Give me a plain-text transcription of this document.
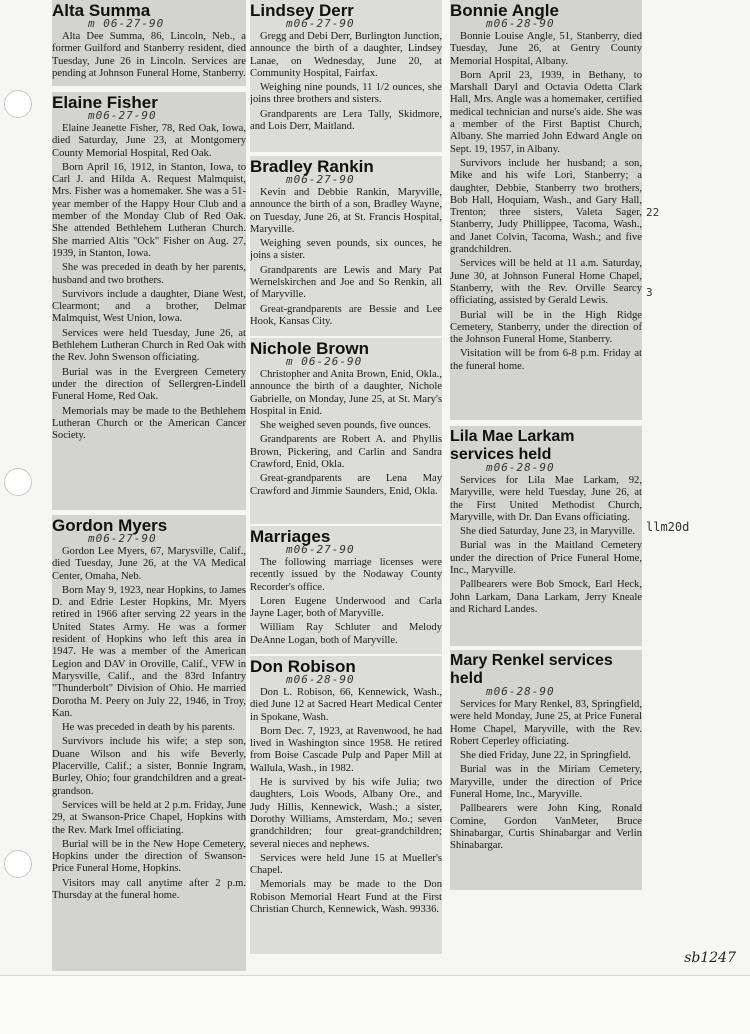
Alta Summa
m 06-27-90

Alta Dee Summa, 86, Lincoln, Neb., a former Guilford and Stanberry resident, died Tuesday, June 26 in Lincoln. Services are pending at Johnson Funeral Home, Stanberry.

Elaine Fisher
m06-27-90

Elaine Jeanette Fisher, 78, Red Oak, Iowa, died Saturday, June 23, at Montgomery County Memorial Hospital, Red Oak.

Born April 16, 1912, in Stanton, Iowa, to Carl J. and Hilda A. Request Malmquist, Mrs. Fisher was a homemaker. She was a 51-year member of the Happy Hour Club and a member of the Monday Club of Red Oak. She attended Bethlehem Lutheran Church. She married Altis "Ock" Fisher on Aug. 27, 1939, in Stanton, Iowa.

She was preceded in death by her parents, husband and two brothers.

Survivors include a daughter, Diane West, Clearmont; and a brother, Delmar Malmquist, West Union, Iowa.

Services were held Tuesday, June 26, at Bethlehem Lutheran Church in Red Oak with the Rev. John Swenson officiating.

Burial was in the Evergreen Cemetery under the direction of Sellergren-Lindell Funeral Home, Red Oak.

Memorials may be made to the Bethlehem Lutheran Church or the American Cancer Society.

Gordon Myers
m06-27-90

Gordon Lee Myers, 67, Marysville, Calif., died Tuesday, June 26, at the VA Medical Center, Omaha, Neb.

Born May 9, 1923, near Hopkins, to James D. and Edrie Lester Hopkins, Mr. Myers retired in 1966 after serving 22 years in the United States Army. He was a former resident of Hopkins who left this area in 1947. He was a member of the American Legion and DAV in Oroville, Calif., VFW in Marysville, Calif., and the 83rd Infantry "Thunderbolt" Division of Ohio. He married Dorotha M. Peery on July 22, 1946, in Troy, Kan.

He was preceded in death by his parents.

Survivors include his wife; a step son, Duane Wilson and his wife Beverly, Placerville, Calif.; a sister, Bonnie Ingram, Burley, Ohio; four grandchildren and a great-grandson.

Services will be held at 2 p.m. Friday, June 29, at Swanson-Price Chapel, Hopkins with the Rev. Mark Imel officiating.

Burial will be in the New Hope Cemetery, Hopkins under the direction of Swanson-Price Funeral Home, Hopkins.

Visitors may call anytime after 2 p.m. Thursday at the funeral home.

Lindsey Derr
m06-27-90

Gregg and Debi Derr, Burlington Junction, announce the birth of a daughter, Lindsey Lanae, on Wednesday, June 20, at Community Hospital, Fairfax.

Weighing nine pounds, 11 1/2 ounces, she joins three brothers and sisters.

Grandparents are Lera Tally, Skidmore, and Lois Derr, Maitland.

Bradley Rankin
m06-27-90

Kevin and Debbie Rankin, Maryville, announce the birth of a son, Bradley Wayne, on Tuesday, June 26, at St. Francis Hospital, Maryville.

Weighing seven pounds, six ounces, he joins a sister.

Grandparents are Lewis and Mary Pat Wernelskirchen and Joe and So Renkin, all of Maryville.

Great-grandparents are Bessie and Lee Hook, Kansas City.

Nichole Brown
m 06-26-90

Christopher and Anita Brown, Enid, Okla., announce the birth of a daughter, Nichole Gabrielle, on Monday, June 25, at St. Mary's Hospital in Enid.

She weighed seven pounds, five ounces.

Grandparents are Robert A. and Phyllis Brown, Pickering, and Carlin and Sandra Crawford, Enid, Okla.

Great-grandparents are Lena May Crawford and Jimmie Saunders, Enid, Okla.

Marriages
m06-27-90

The following marriage licenses were recently issued by the Nodaway County Recorder's office.

Loren Eugene Underwood and Carla Jayne Lager, both of Maryville.

William Ray Schluter and Melody DeAnne Logan, both of Maryville.

Don Robison
m06-28-90

Don L. Robison, 66, Kennewick, Wash., died June 12 at Sacred Heart Medical Center in Spokane, Wash.

Born Dec. 7, 1923, at Ravenwood, he had lived in Washington since 1958. He retired from Boise Cascade Pulp and Paper Mill at Wallula, Wash., in 1982.

He is survived by his wife Julia; two daughters, Lois Woods, Albany Ore., and Judy Hillis, Kennewick, Wash.; a sister, Dorothy Williams, Amsterdam, Mo.; seven grandchildren; four great-grandchildren; several nieces and nephews.

Services were held June 15 at Mueller's Chapel.

Memorials may be made to the Don Robison Memorial Heart Fund at the First Christian Church, Kennewick, Wash. 99336.

Bonnie Angle
m06-28-90

Bonnie Louise Angle, 51, Stanberry, died Tuesday, June 26, at Gentry County Memorial Hospital, Albany.

Born April 23, 1939, in Bethany, to Marshall Daryl and Octavia Odetta Clark Hall, Mrs. Angle was a homemaker, certified medical technician and nurse's aide. She was a member of the First Baptist Church, Albany. She married John Edward Angle on Sept. 19, 1957, in Albany.

Survivors include her husband; a son, Mike and his wife Lori, Stanberry; a daughter, Debbie, Stanberry two brothers, Bob Hall, Hoquiam, Wash., and Gary Hall, Trenton; three sisters, Valeta Sager, Stanberry, Judy Phillippee, Tacoma, Wash., and Janet Colvin, Tacoma, Wash.; and five grandchildren.

Services will be held at 11 a.m. Saturday, June 30, at Johnson Funeral Home Chapel, Stanberry, with the Rev. Orville Searcy officiating, assisted by Gerald Lewis.

Burial will be in the High Ridge Cemetery, Stanberry, under the direction of the Johnson Funeral Home, Stanberry.

Visitation will be from 6-8 p.m. Friday at the funeral home.

Lila Mae Larkam services held
m06-28-90

Services for Lila Mae Larkam, 92, Maryville, were held Tuesday, June 26, at the First United Methodist Church, Maryville, with Dr. Dan Evans officiating.

She died Saturday, June 23, in Maryville.

Burial was in the Maitland Cemetery under the direction of Price Funeral Home, Inc., Maryville.

Pallbearers were Bob Smock, Earl Heck, John Larkam, Dana Larkam, Jerry Kneale and Richard Landes.

Mary Renkel services held
m06-28-90

Services for Mary Renkel, 83, Springfield, were held Monday, June 25, at Price Funeral Home Chapel, Maryville, with the Rev. Robert Ceperley officiating.

She died Friday, June 22, in Springfield.

Burial was in the Miriam Cemetery, Maryville, under the direction of Price Funeral Home, Inc., Maryville.

Pallbearers were John King, Ronald Comine, Gordon VanMeter, Bruce Shinabargar, Curtis Shinabargar and Verlin Shinabargar.

22
3
llm20d
sb1247
